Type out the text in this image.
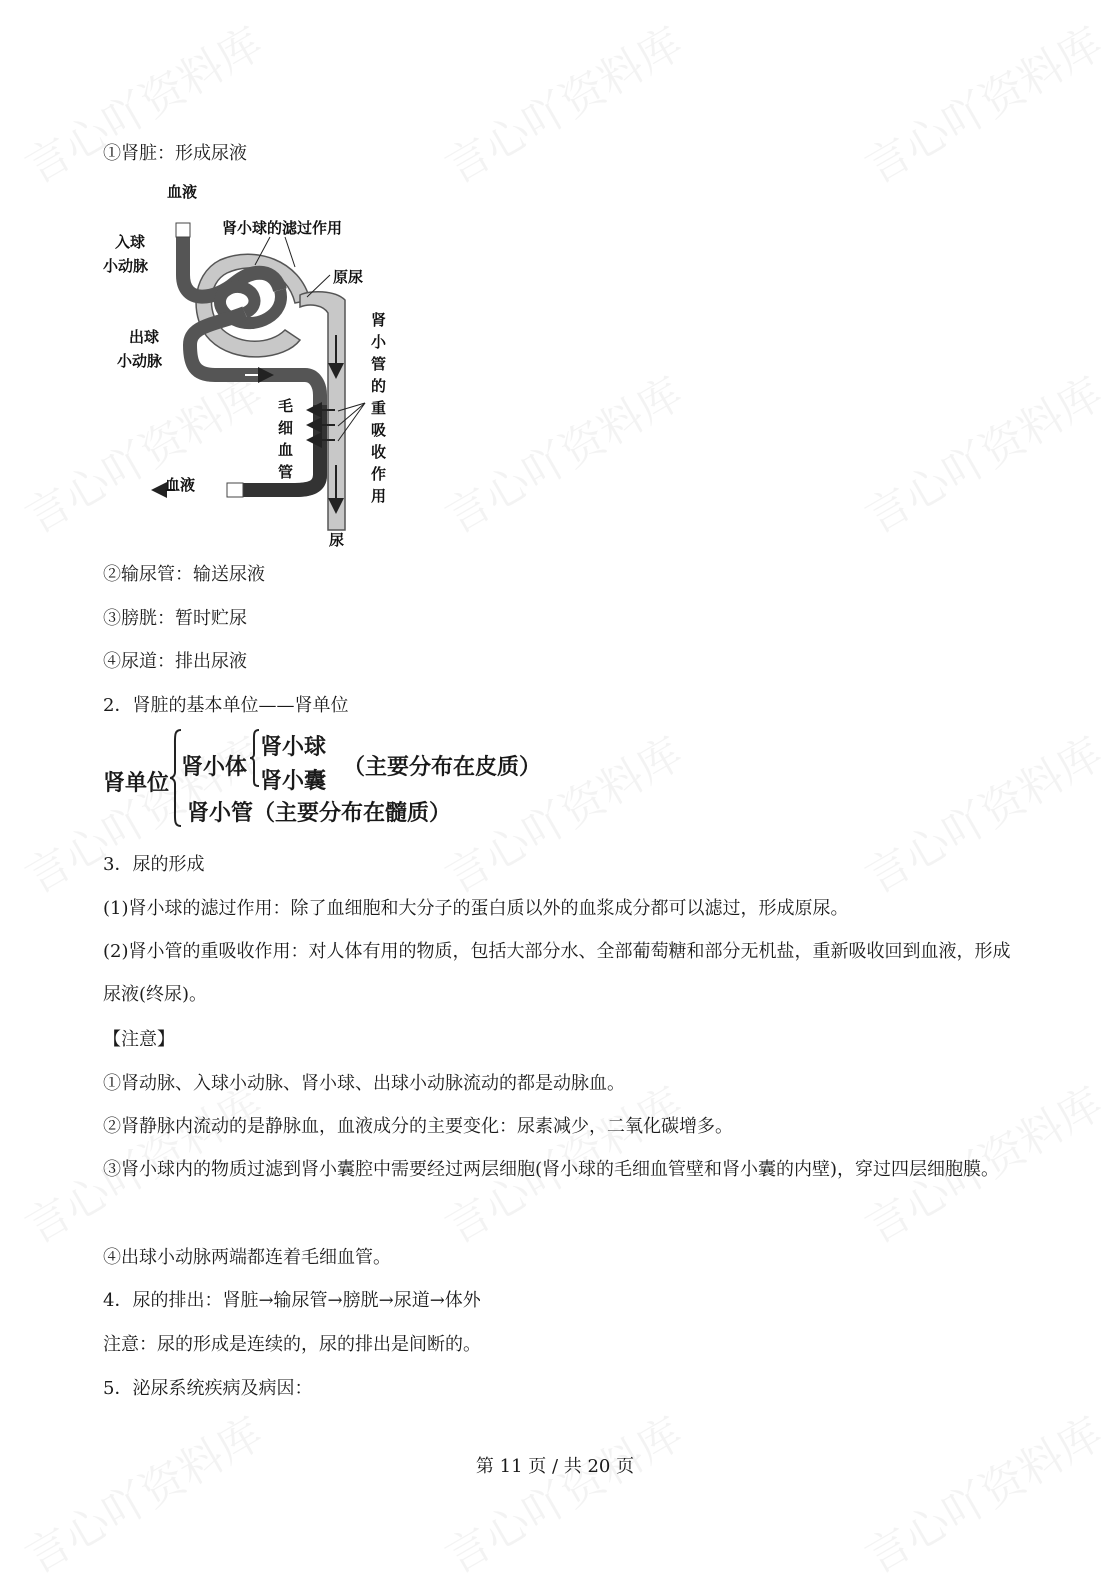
①肾脏：形成尿液
血液
肾小球的滤过作用
入球
小动脉
原尿
出球
小动脉
血液
尿
肾小管的重吸收作用
毛细血管
②输尿管：输送尿液
③膀胱：暂时贮尿
④尿道：排出尿液
2．肾脏的基本单位——肾单位
肾单位
肾小体
肾小球
肾小囊
（主要分布在皮质）
肾小管（主要分布在髓质）
3．尿的形成
(1)肾小球的滤过作用：除了血细胞和大分子的蛋白质以外的血浆成分都可以滤过，形成原尿。
(2)肾小管的重吸收作用：对人体有用的物质，包括大部分水、全部葡萄糖和部分无机盐，重新吸收回到血液，形成尿液(终尿)。
【注意】
①肾动脉、入球小动脉、肾小球、出球小动脉流动的都是动脉血。
②肾静脉内流动的是静脉血，血液成分的主要变化：尿素减少，二氧化碳增多。
③肾小球内的物质过滤到肾小囊腔中需要经过两层细胞(肾小球的毛细血管壁和肾小囊的内壁)，穿过四层细胞膜。
④出球小动脉两端都连着毛细血管。
4．尿的排出：肾脏→输尿管→膀胱→尿道→体外
注意：尿的形成是连续的，尿的排出是间断的。
5．泌尿系统疾病及病因：
第 11 页 / 共 20 页
